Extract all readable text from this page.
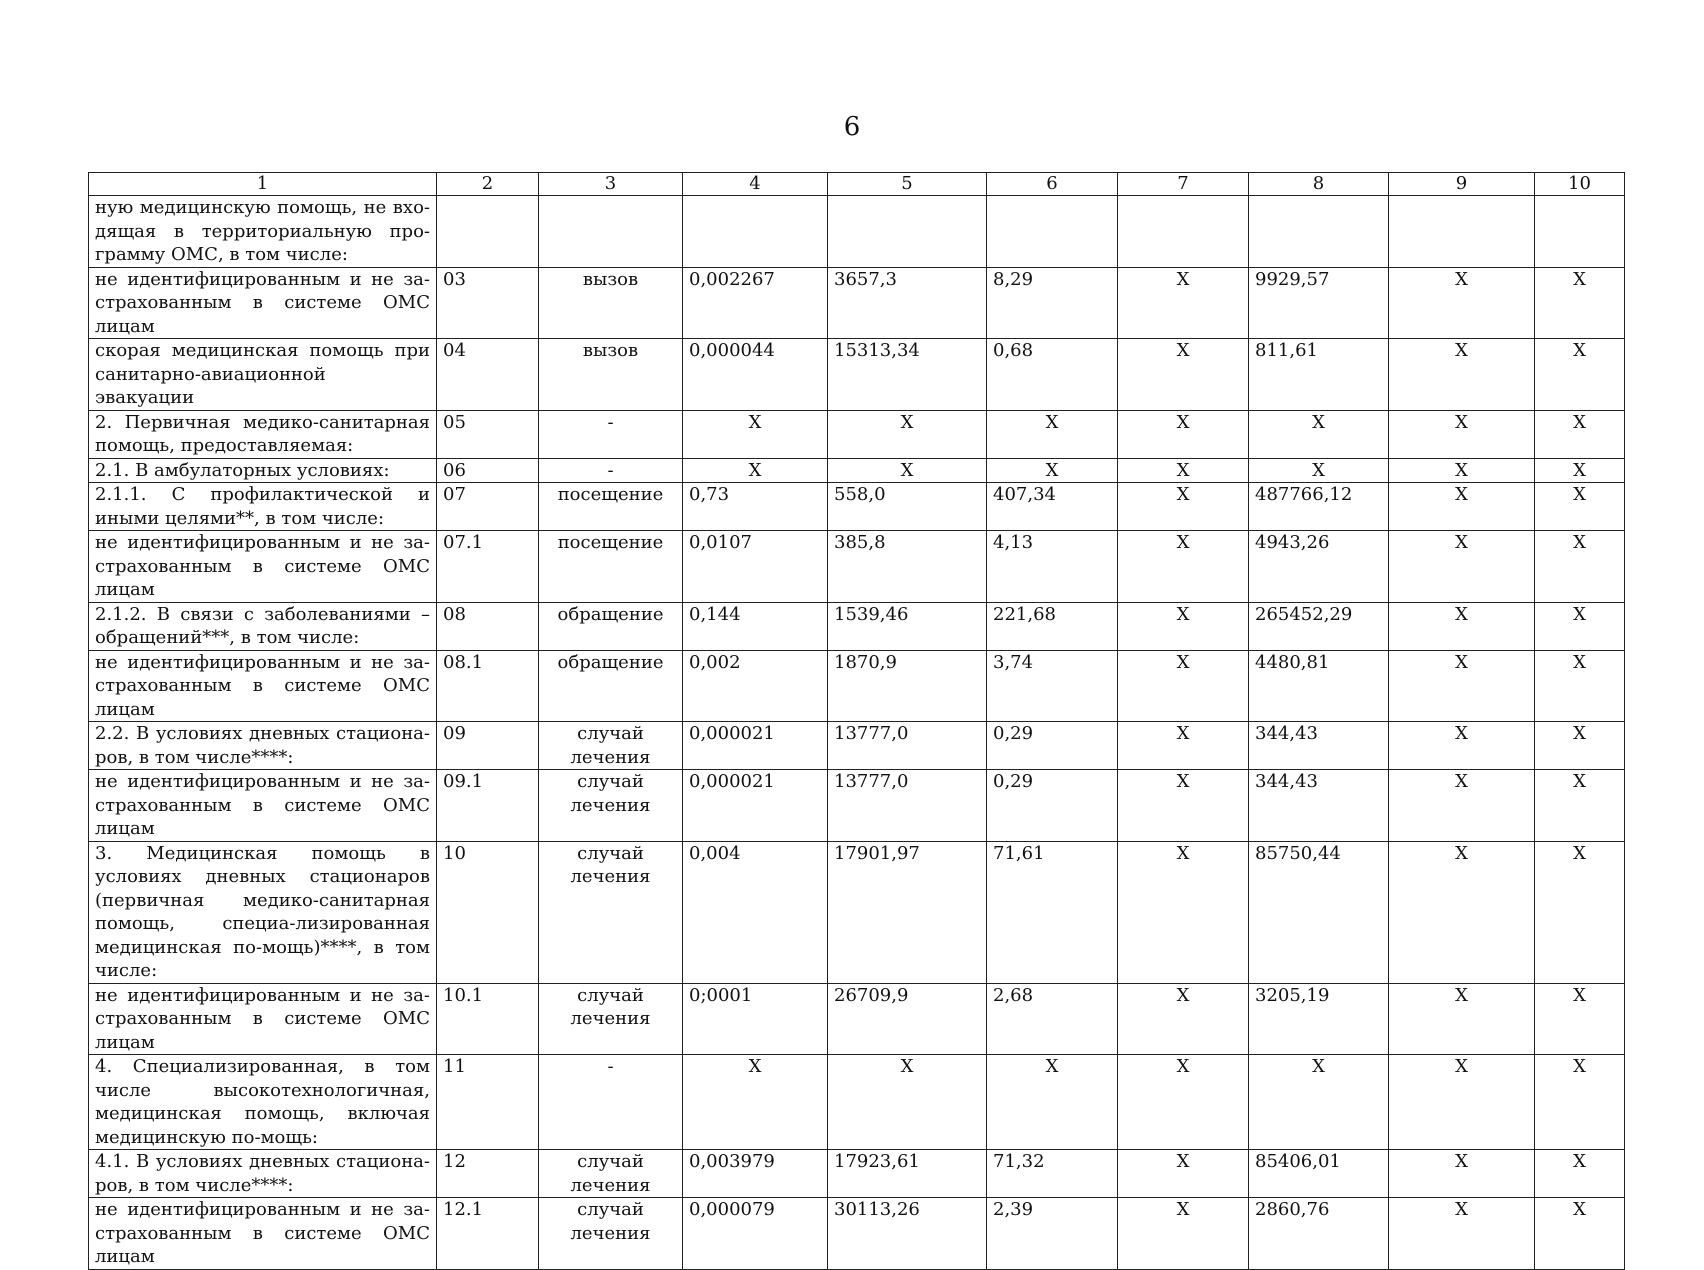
6
1	2	3	4	5	6	7	8	9	10
ную медицинскую помощь, не вхо-дящая в территориальную про-грамму ОМС, в том числе:									
не идентифицированным и не за-страхованным в системе ОМС лицам	03	вызов	0,002267	3657,3	8,29	Х	9929,57	Х	Х
скорая медицинская помощь при санитарно-авиационной эвакуации	04	вызов	0,000044	15313,34	0,68	Х	811,61	Х	Х
2. Первичная медико-санитарная помощь, предоставляемая:	05	-	Х	Х	Х	Х	Х	Х	Х
2.1. В амбулаторных условиях:	06	-	Х	Х	Х	Х	Х	Х	Х
2.1.1. С профилактической и иными целями**, в том числе:	07	посещение	0,73	558,0	407,34	Х	487766,12	Х	Х
не идентифицированным и не за-страхованным в системе ОМС лицам	07.1	посещение	0,0107	385,8	4,13	Х	4943,26	Х	Х
2.1.2. В связи с заболеваниями – обращений***, в том числе:	08	обращение	0,144	1539,46	221,68	Х	265452,29	Х	Х
не идентифицированным и не за-страхованным в системе ОМС лицам	08.1	обращение	0,002	1870,9	3,74	Х	4480,81	Х	Х
2.2. В условиях дневных стациона-ров, в том числе****:	09	случай лечения	0,000021	13777,0	0,29	Х	344,43	Х	Х
не идентифицированным и не за-страхованным в системе ОМС лицам	09.1	случай лечения	0,000021	13777,0	0,29	Х	344,43	Х	Х
3. Медицинская помощь в условиях дневных стационаров (первичная медико-санитарная помощь, специа-лизированная медицинская по-мощь)****, в том числе:	10	случай лечения	0,004	17901,97	71,61	Х	85750,44	Х	Х
не идентифицированным и не за-страхованным в системе ОМС лицам	10.1	случай лечения	0;0001	26709,9	2,68	Х	3205,19	Х	Х
4. Специализированная, в том числе высокотехнологичная, медицинская помощь, включая медицинскую по-мощь:	11	-	Х	Х	Х	Х	Х	Х	Х
4.1. В условиях дневных стациона-ров, в том числе****:	12	случай лечения	0,003979	17923,61	71,32	Х	85406,01	Х	Х
не идентифицированным и не за-страхованным в системе ОМС лицам	12.1	случай лечения	0,000079	30113,26	2,39	Х	2860,76	Х	Х
